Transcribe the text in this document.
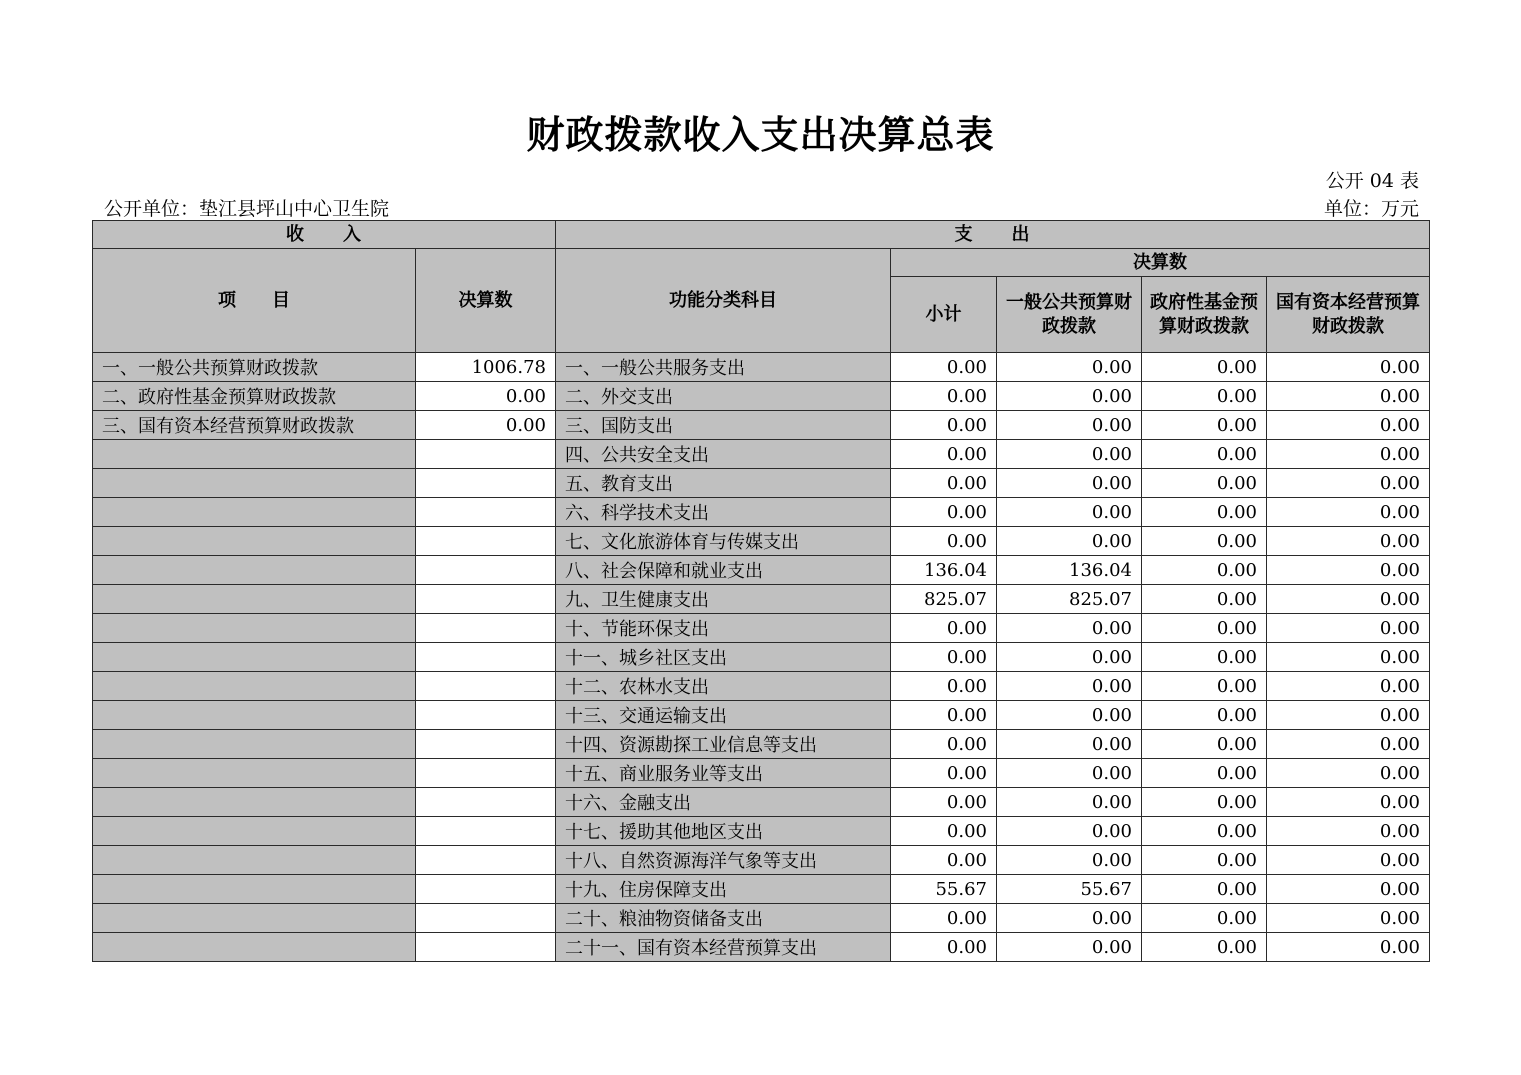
财政拨款收入支出决算总表
公开 04 表
公开单位：垫江县坪山中心卫生院	单位：万元
收　　入		支　　出				
项　　目	决算数	功能分类科目	决算数			
			小计	一般公共预算财政拨款	政府性基金预算财政拨款	国有资本经营预算财政拨款
一、一般公共预算财政拨款	1006.78	一、一般公共服务支出	0.00	0.00	0.00	0.00
二、政府性基金预算财政拨款	0.00	二、外交支出	0.00	0.00	0.00	0.00
三、国有资本经营预算财政拨款	0.00	三、国防支出	0.00	0.00	0.00	0.00
		四、公共安全支出	0.00	0.00	0.00	0.00
		五、教育支出	0.00	0.00	0.00	0.00
		六、科学技术支出	0.00	0.00	0.00	0.00
		七、文化旅游体育与传媒支出	0.00	0.00	0.00	0.00
		八、社会保障和就业支出	136.04	136.04	0.00	0.00
		九、卫生健康支出	825.07	825.07	0.00	0.00
		十、节能环保支出	0.00	0.00	0.00	0.00
		十一、城乡社区支出	0.00	0.00	0.00	0.00
		十二、农林水支出	0.00	0.00	0.00	0.00
		十三、交通运输支出	0.00	0.00	0.00	0.00
		十四、资源勘探工业信息等支出	0.00	0.00	0.00	0.00
		十五、商业服务业等支出	0.00	0.00	0.00	0.00
		十六、金融支出	0.00	0.00	0.00	0.00
		十七、援助其他地区支出	0.00	0.00	0.00	0.00
		十八、自然资源海洋气象等支出	0.00	0.00	0.00	0.00
		十九、住房保障支出	55.67	55.67	0.00	0.00
		二十、粮油物资储备支出	0.00	0.00	0.00	0.00
		二十一、国有资本经营预算支出	0.00	0.00	0.00	0.00
